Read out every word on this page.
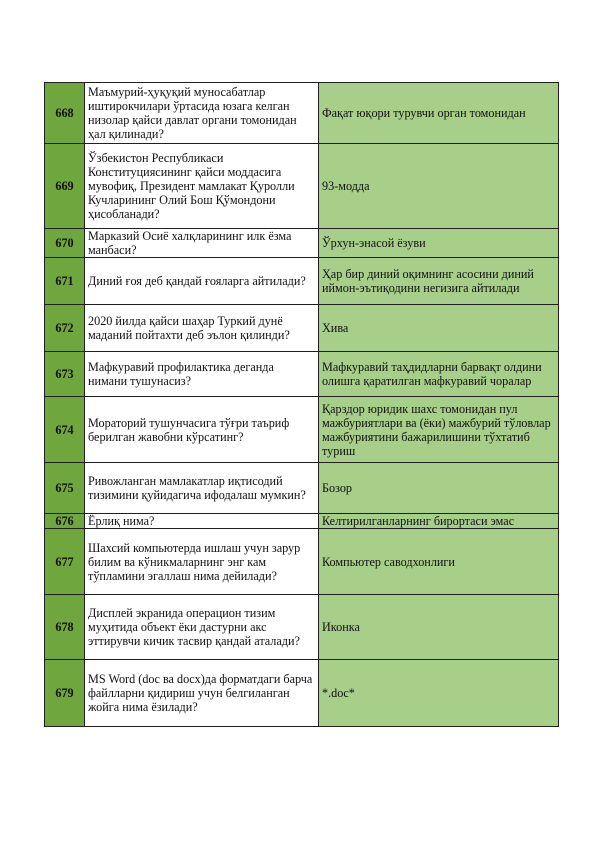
668	Маъмурий-ҳуқуқий муносабатлар иштирокчилари ўртасида юзага келган низолар қайси давлат органи томонидан ҳал қилинади?	Фақат юқори турувчи орган томонидан
669	Ўзбекистон Республикаси Конституциясининг қайси моддасига мувофиқ, Президент мамлакат Қуролли Кучларининг Олий Бош Қўмондони ҳисобланади?	93-модда
670	Марказий Осиё халқларининг илк ёзма манбаси?	Ўрхун-энасой ёзуви
671	Диний ғоя деб қандай ғояларга айтилади?	Ҳар бир диний оқимнинг асосини диний иймон-эътиқодини негизига айтилади
672	2020 йилда қайси шаҳар Туркий дунё маданий пойтахти деб эълон қилинди?	Хива
673	Мафкуравий профилактика деганда нимани тушунасиз?	Мафкуравий таҳдидларни барвақт олдини олишга қаратилган мафкуравий чоралар
674	Мораторий тушунчасига тўғри таъриф берилган жавобни кўрсатинг?	Қарздор юридик шахс томонидан пул мажбуриятлари ва (ёки) мажбурий тўловлар мажбуриятини бажарилишини тўхтатиб туриш
675	Ривожланган мамлакатлар иқтисодий тизимини қуйидагича ифодалаш мумкин?	Бозор
676	Ёрлиқ нима?	Келтирилганларнинг бирортаси эмас
677	Шахсий компьютерда ишлаш учун зарур билим ва кўникмаларнинг энг кам тўпламини эгаллаш нима дейилади?	Компьютер саводхонлиги
678	Дисплей экранида операцион тизим муҳитида объект ёки дастурни акс эттирувчи кичик тасвир қандай аталади?	Иконка
679	MS Word (doc ва docx)да форматдаги барча файлларни қидириш учун белгиланган жойга нима ёзилади?	*.doc*
